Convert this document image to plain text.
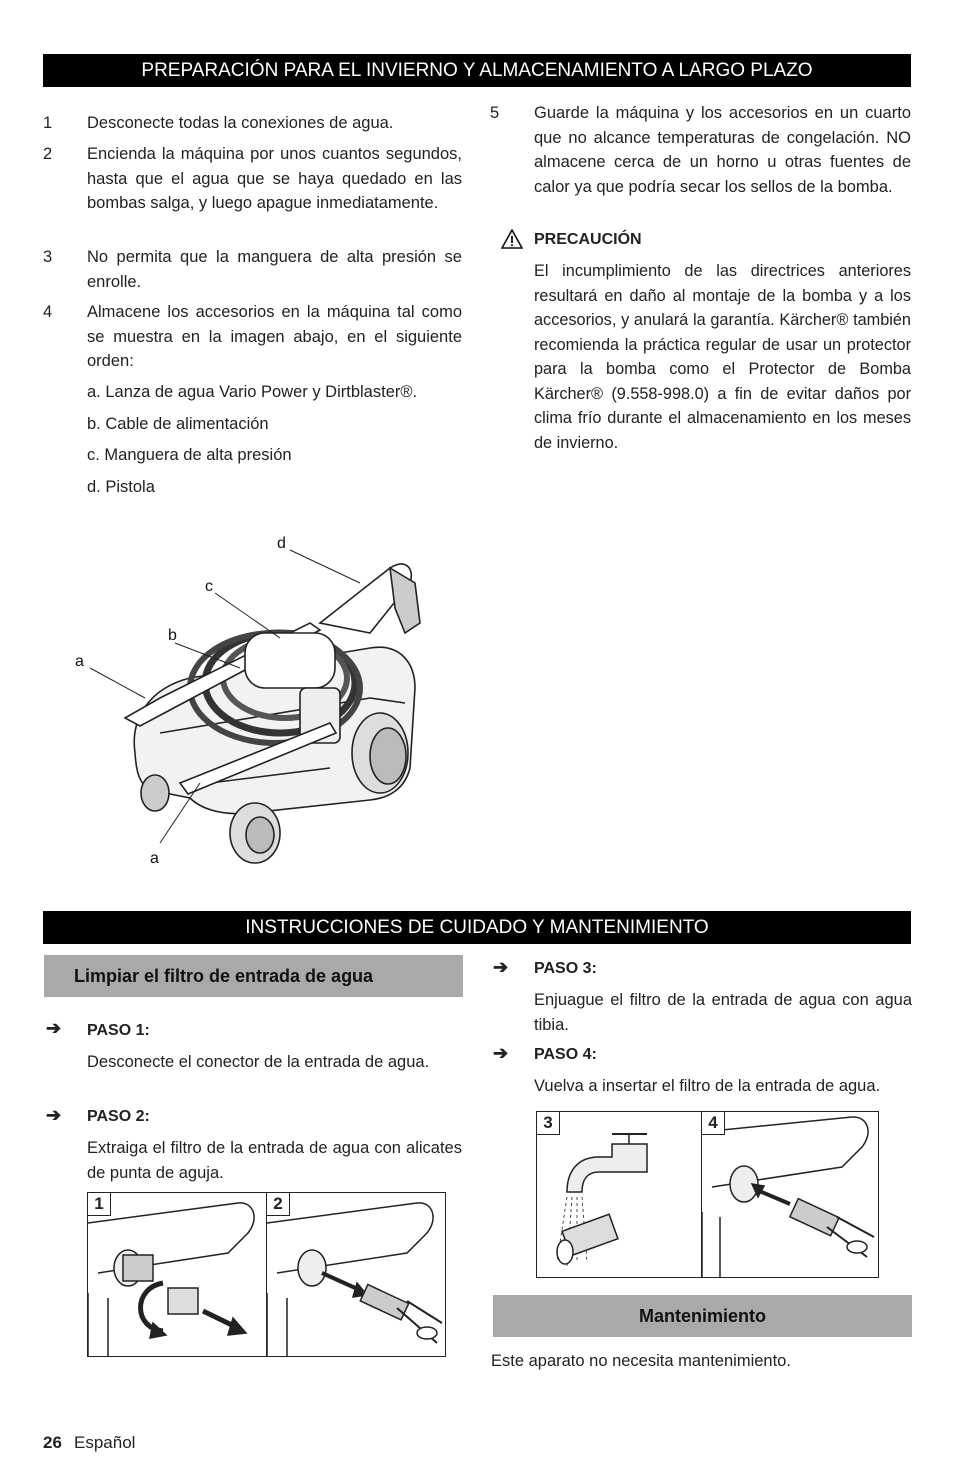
PREPARACIÓN PARA EL INVIERNO Y ALMACENAMIENTO A LARGO PLAZO
1 Desconecte todas la conexiones de agua.
2 Encienda la máquina por unos cuantos segundos, hasta que el agua que se haya quedado en las bombas salga, y luego apague inmediatamente.
3 No permita que la manguera de alta presión se enrolle.
4 Almacene los accesorios en la máquina tal como se muestra en la imagen abajo, en el siguiente orden:
a. Lanza de agua Vario Power y Dirtblaster®.
b. Cable de alimentación
c. Manguera de alta presión
d. Pistola
5 Guarde la máquina y los accesorios en un cuarto que no alcance temperaturas de congelación. NO almacene cerca de un horno u otras fuentes de calor ya que podría secar los sellos de la bomba.
PRECAUCIÓN
El incumplimiento de las directrices anteriores resultará en daño al montaje de la bomba y a los accesorios, y anulará la garantía. Kärcher® también recomienda la práctica regular de usar un protector para la bomba como el Protector de Bomba Kärcher® (9.558-998.0) a fin de evitar daños por clima frío durante el almacenamiento en los meses de invierno.
a
b
c
d
a
INSTRUCCIONES DE CUIDADO Y MANTENIMIENTO
Limpiar el filtro de entrada de agua
➔ PASO 1:
Desconecte el conector de la entrada de agua.
➔ PASO 2:
Extraiga el filtro de la entrada de agua con alicates de punta de aguja.
1	2
➔ PASO 3:
Enjuague el filtro de la entrada de agua con agua tibia.
➔ PASO 4:
Vuelva a insertar el filtro de la entrada de agua.
3	4
Mantenimiento
Este aparato no necesita mantenimiento.
26 Español
